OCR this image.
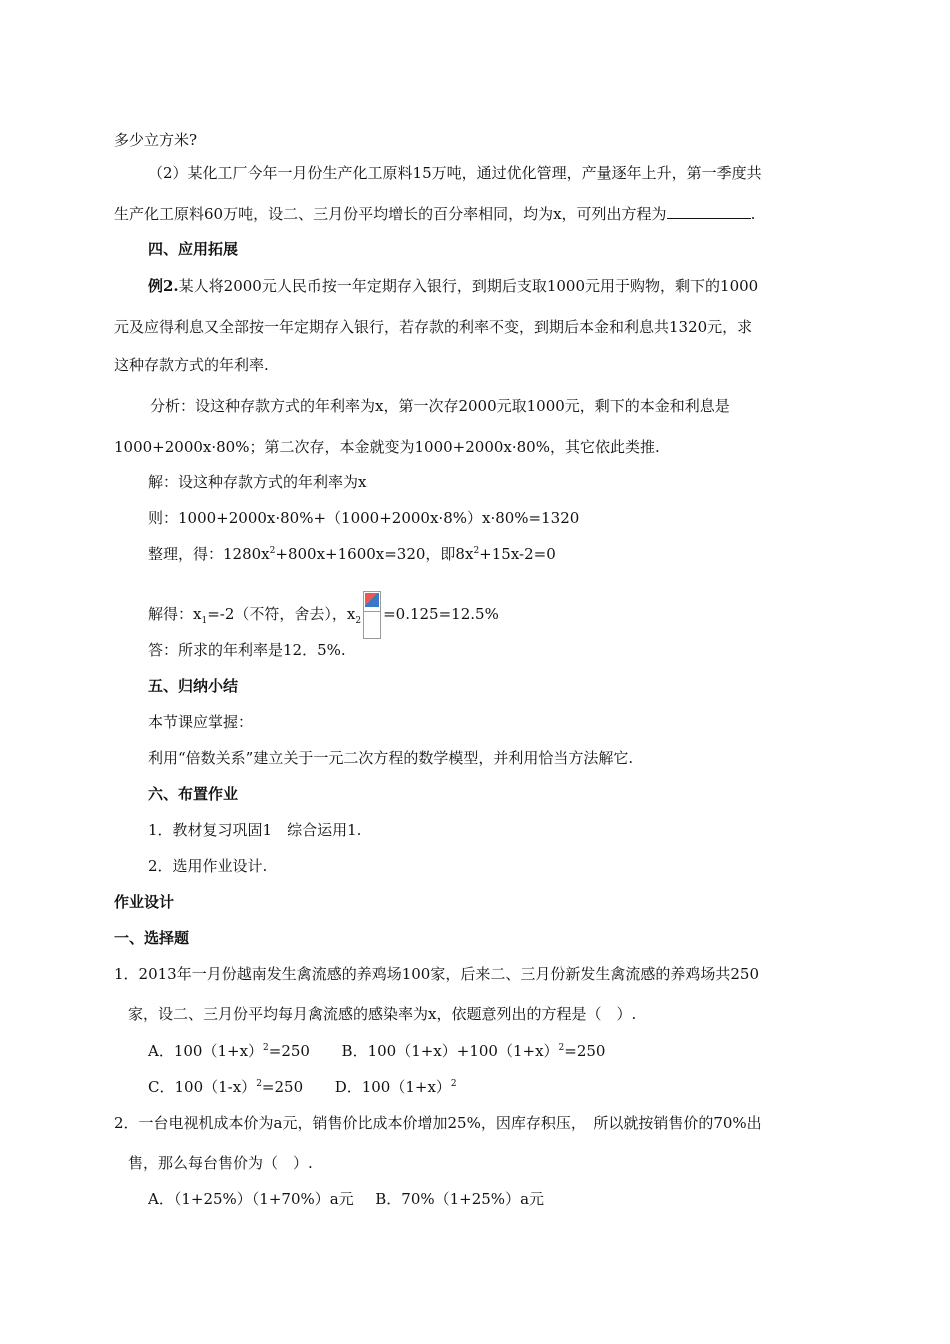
多少立方米?
（2）某化工厂今年一月份生产化工原料15万吨，通过优化管理，产量逐年上升，第一季度共
生产化工原料60万吨，设二、三月份平均增长的百分率相同，均为x，可列出方程为	.
四、应用拓展
例2.某人将2000元人民币按一年定期存入银行，到期后支取1000元用于购物，剩下的1000
元及应得利息又全部按一年定期存入银行，若存款的利率不变，到期后本金和利息共1320元，求
这种存款方式的年利率.
分析：设这种存款方式的年利率为x，第一次存2000元取1000元，剩下的本金和利息是
1000+2000x·80%；第二次存，本金就变为1000+2000x·80%，其它依此类推.
解：设这种存款方式的年利率为x
则：1000+2000x·80%+（1000+2000x·8%）x·80%=1320
整理，得：$1280x^2+800x+1600x=320$，即$8x^2+15x-2=0$
解得：$x_1=-2$（不符，舍去），$x_2 =0.125=12.5\%$
答：所求的年利率是12．5%.
五、归纳小结
本节课应掌握：
利用“倍数关系”建立关于一元二次方程的数学模型，并利用恰当方法解它.
六、布置作业
1．教材复习巩固1　综合运用1.
2．选用作业设计.
作业设计
一、选择题
1．2013年一月份越南发生禽流感的养鸡场100家，后来二、三月份新发生禽流感的养鸡场共250
家，设二、三月份平均每月禽流感的感染率为x，依题意列出的方程是（　）.
A．$100(1+x)^2=250$ B．$100(1+x)+100(1+x)^2=250$
C．$100(1-x)^2=250$ D．$100(1+x)^2$
2．一台电视机成本价为a元，销售价比成本价增加25%，因库存积压，　所以就按销售价的70%出
售，那么每台售价为（　）.
A．（1+25%）（1+70%）a元 B．70%（1+25%）a元
